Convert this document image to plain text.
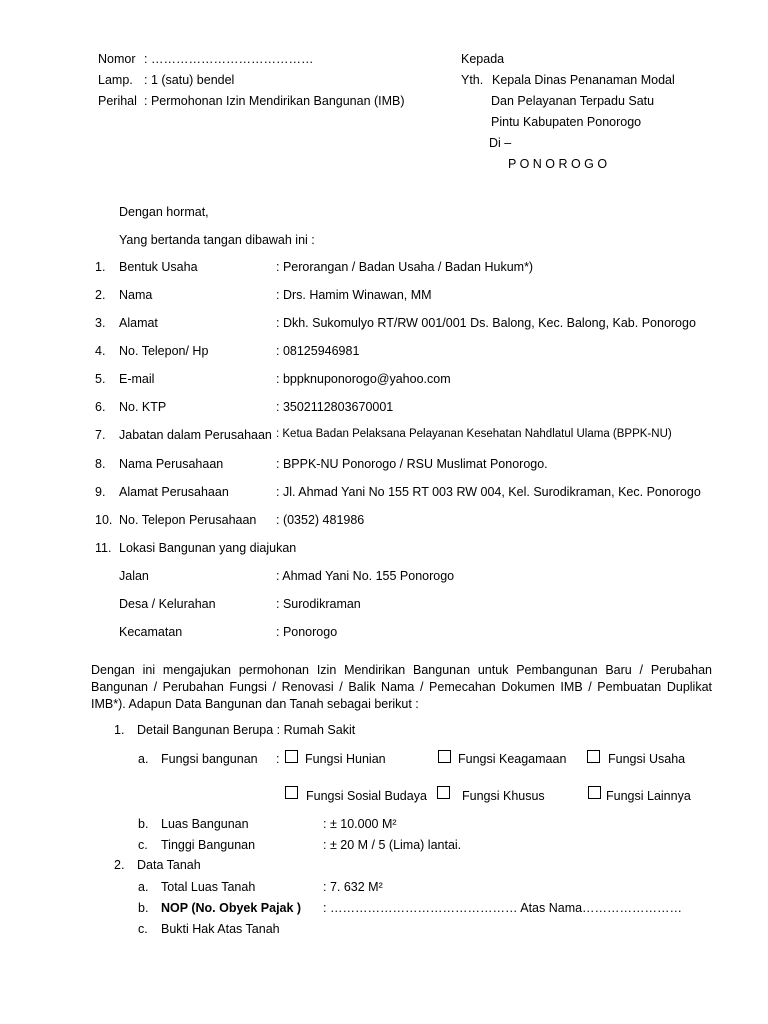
Nomor : …………………………………
Lamp. : 1 (satu) bendel
Perihal : Permohonan Izin Mendirikan Bangunan (IMB)
Kepada
Yth. Kepala Dinas Penanaman Modal
Dan Pelayanan Terpadu Satu
Pintu Kabupaten Ponorogo
Di –
P O N O R O G O
Dengan hormat,
Yang bertanda tangan dibawah ini :
1.	Bentuk Usaha	: Perorangan / Badan Usaha / Badan Hukum*)
2.	Nama	: Drs. Hamim Winawan, MM
3.	Alamat	: Dkh. Sukomulyo RT/RW 001/001 Ds. Balong, Kec. Balong, Kab. Ponorogo
4.	No. Telepon/ Hp	: 08125946981
5.	E-mail	: bppknuponorogo@yahoo.com
6.	No. KTP	: 3502112803670001
7.	Jabatan dalam Perusahaan : Ketua Badan Pelaksana Pelayanan Kesehatan Nahdlatul Ulama (BPPK-NU)
8.	Nama Perusahaan	: BPPK-NU Ponorogo / RSU Muslimat Ponorogo.
9.	Alamat Perusahaan	: Jl. Ahmad Yani No 155 RT 003 RW 004, Kel. Surodikraman, Kec. Ponorogo
10. No. Telepon Perusahaan : (0352) 481986
11. Lokasi Bangunan yang diajukan
Jalan	: Ahmad Yani No. 155 Ponorogo
Desa / Kelurahan	: Surodikraman
Kecamatan	: Ponorogo
Dengan ini mengajukan permohonan Izin Mendirikan Bangunan untuk Pembangunan Baru / Perubahan Bangunan / Perubahan Fungsi / Renovasi / Balik Nama / Pemecahan Dokumen IMB / Pembuatan Duplikat IMB*). Adapun Data Bangunan dan Tanah sebagai berikut :
1. Detail Bangunan Berupa : Rumah Sakit
a. Fungsi bangunan : Fungsi Hunian	Fungsi Keagamaan	Fungsi Usaha
Fungsi Sosial Budaya	Fungsi Khusus	Fungsi Lainnya
b. Luas Bangunan	: ± 10.000 M²
c. Tinggi Bangunan	: ± 20 M / 5 (Lima) lantai.
2. Data Tanah
a. Total Luas Tanah	: 7. 632 M²
b. NOP (No. Obyek Pajak ) : ……………………………………… Atas Nama……………………
c. Bukti Hak Atas Tanah
